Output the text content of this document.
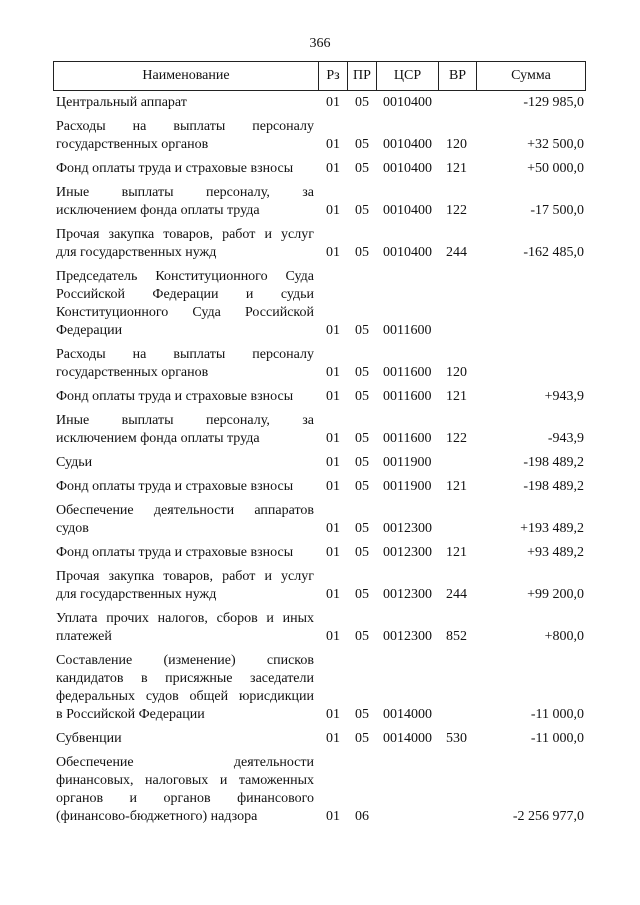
366
Наименование	Рз ПР	ЦСР	ВР	Сумма
Центральный аппарат	01 05 0010400	-129 985,0
Расходы на выплаты персоналу
государственных органов	01 05 0010400 120	+32 500,0
Фонд оплаты труда и страховые взносы	01 05 0010400 121	+50 000,0
Иные выплаты персоналу, за
исключением фонда оплаты труда	01 05 0010400 122	-17 500,0
Прочая закупка товаров, работ и услуг
для государственных нужд	01 05 0010400 244	-162 485,0
Председатель Конституционного Суда
Российской Федерации и судьи
Конституционного Суда Российской
Федерации	01 05 0011600
Расходы на выплаты персоналу
государственных органов	01 05 0011600 120
Фонд оплаты труда и страховые взносы	01 05 0011600 121	+943,9
Иные выплаты персоналу, за
исключением фонда оплаты труда	01 05 0011600 122	-943,9
Судьи	01 05 0011900	-198 489,2
Фонд оплаты труда и страховые взносы	01 05 0011900 121	-198 489,2
Обеспечение деятельности аппаратов
судов	01 05 0012300	+193 489,2
Фонд оплаты труда и страховые взносы	01 05 0012300 121	+93 489,2
Прочая закупка товаров, работ и услуг
для государственных нужд	01 05 0012300 244	+99 200,0
Уплата прочих налогов, сборов и иных
платежей	01 05 0012300 852	+800,0
Составление (изменение) списков
кандидатов в присяжные заседатели
федеральных судов общей юрисдикции
в Российской Федерации	01 05 0014000	-11 000,0
Субвенции	01 05 0014000 530	-11 000,0
Обеспечение деятельности
финансовых, налоговых и таможенных
органов и органов финансового
(финансово-бюджетного) надзора	01 06	-2 256 977,0
